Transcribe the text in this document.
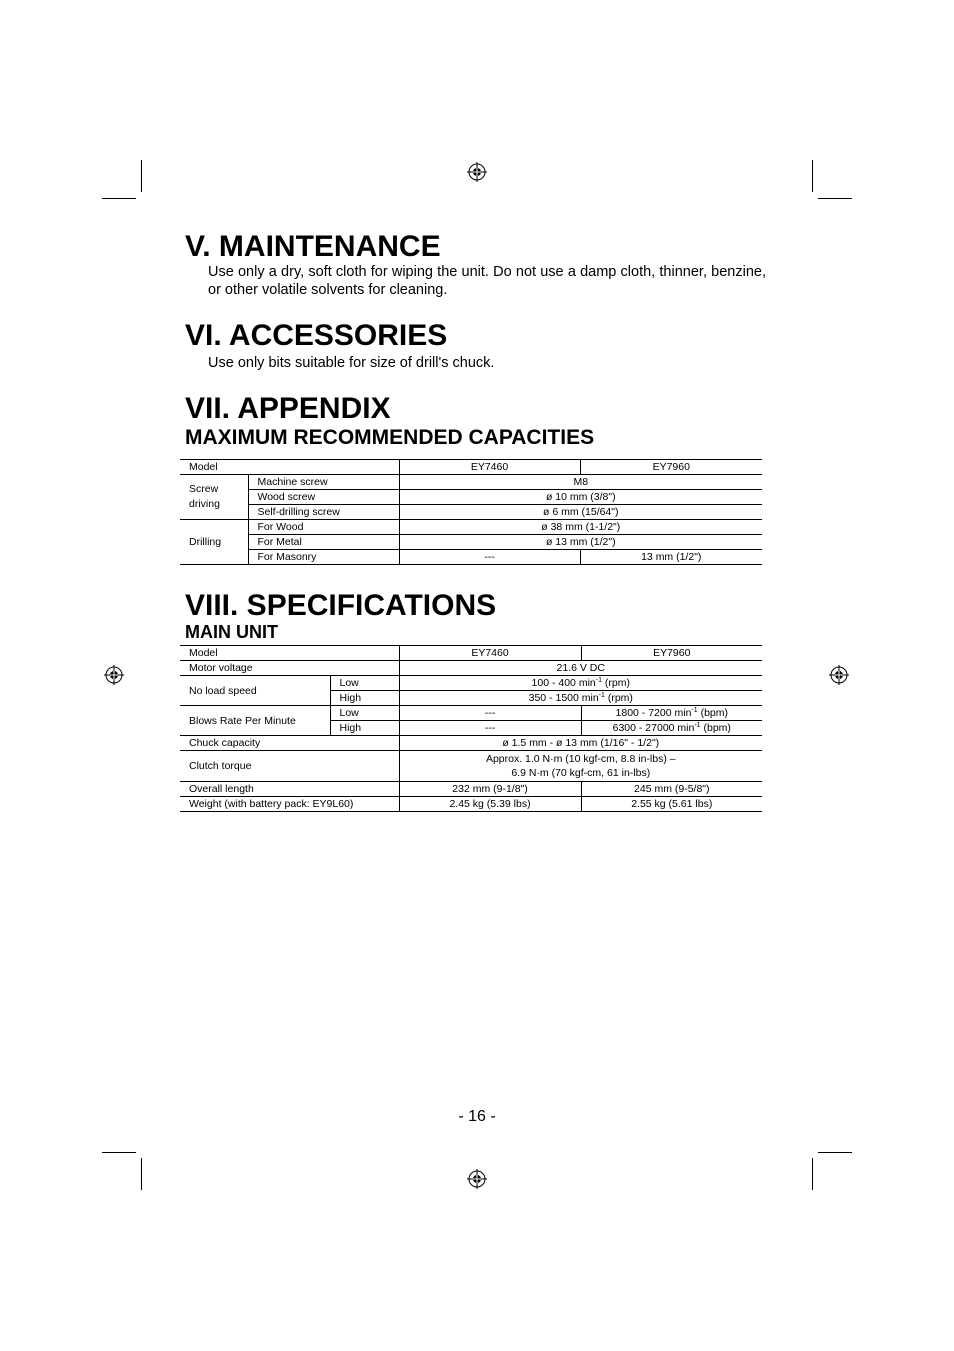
V. MAINTENANCE

Use only a dry, soft cloth for wiping the unit. Do not use a damp cloth, thinner, benzine, or other volatile solvents for cleaning.

VI. ACCESSORIES

Use only bits suitable for size of drill's chuck.

VII. APPENDIX
MAXIMUM RECOMMENDED CAPACITIES
Model		EY7460	EY7960
Screw driving	Machine screw	M8	
	Wood screw	ø 10 mm (3/8")	
	Self-drilling screw	ø 6 mm (15/64")	
Drilling	For Wood	ø 38 mm (1-1/2")	
	For Metal	ø 13 mm (1/2")	
	For Masonry	---	13 mm (1/2")
VIII. SPECIFICATIONS
MAIN UNIT
Model		EY7460	EY7960
Motor voltage		21.6 V DC	
No load speed	Low	100 - 400 $\min^{-1} (rpm)$	
	High	350 - 1500 $\min^{-1} (rpm)$	
Blows Rate Per Minute	Low	---	1800 - 7200 $\min^{-1} (bpm)$
	High	---	6300 - 27000 $\min^{-1} (bpm)$
Chuck capacity		ø 1.5 mm - ø 13 mm (1/16" - 1/2")	
Clutch torque		Approx. 1.0 N·m (10 kgf-cm, 8.8 in-lbs) –
6.9 N·m (70 kgf-cm, 61 in-lbs)	

Overall length		232 mm (9-1/8")	245 mm (9-5/8")
Weight (with battery pack: EY9L60)		2.45 kg (5.39 lbs)	2.55 kg (5.61 lbs)
- 16 -
